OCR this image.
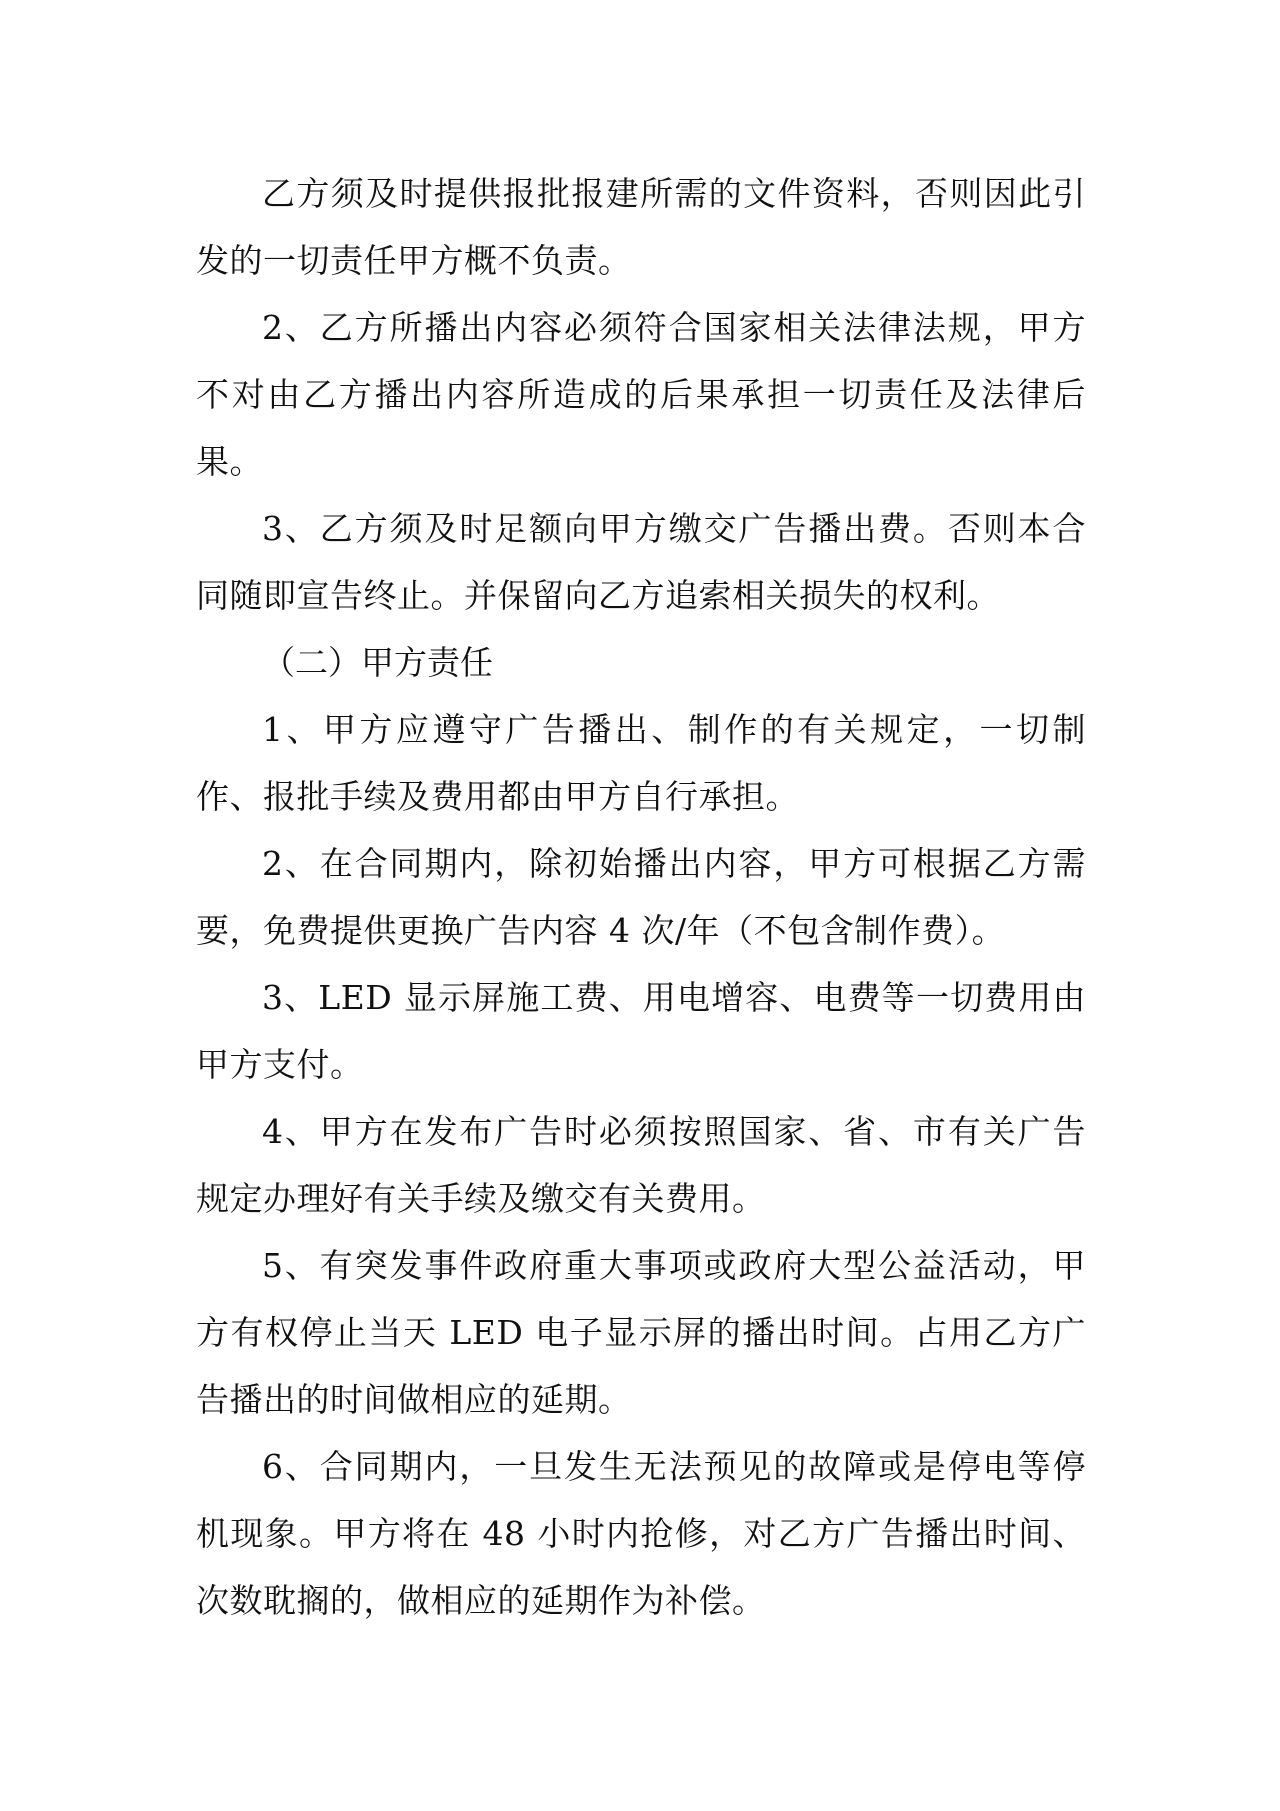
乙方须及时提供报批报建所需的文件资料，否则因此引发的一切责任甲方概不负责。

2、乙方所播出内容必须符合国家相关法律法规，甲方不对由乙方播出内容所造成的后果承担一切责任及法律后果。

3、乙方须及时足额向甲方缴交广告播出费。否则本合同随即宣告终止。并保留向乙方追索相关损失的权利。

（二）甲方责任

1、甲方应遵守广告播出、制作的有关规定，一切制作、报批手续及费用都由甲方自行承担。

2、在合同期内，除初始播出内容，甲方可根据乙方需要，免费提供更换广告内容 4 次/年（不包含制作费）。

3、LED 显示屏施工费、用电增容、电费等一切费用由甲方支付。

4、甲方在发布广告时必须按照国家、省、市有关广告规定办理好有关手续及缴交有关费用。

5、有突发事件政府重大事项或政府大型公益活动，甲方有权停止当天 LED 电子显示屏的播出时间。占用乙方广告播出的时间做相应的延期。

6、合同期内，一旦发生无法预见的故障或是停电等停机现象。甲方将在 48 小时内抢修，对乙方广告播出时间、次数耽搁的，做相应的延期作为补偿。
